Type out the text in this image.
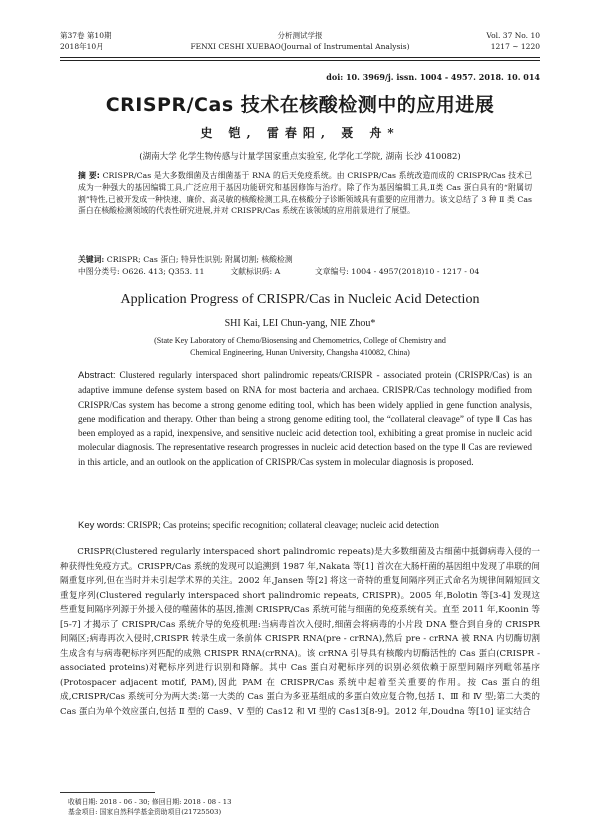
第37卷 第10期
2018年10月
分析测试学报
FENXI CESHI XUEBAO(Journal of Instrumental Analysis)
Vol. 37 No. 10
1217 ~ 1220
doi: 10. 3969/j. issn. 1004 - 4957. 2018. 10. 014
CRISPR/Cas 技术在核酸检测中的应用进展
史 铠, 雷春阳, 聂 舟*
(湖南大学 化学生物传感与计量学国家重点实验室, 化学化工学院, 湖南 长沙 410082)
摘 要: CRISPR/Cas 是大多数细菌及古细菌基于 RNA 的后天免疫系统。由 CRISPR/Cas 系统改造而成的 CRISPR/Cas 技术已成为一种强大的基因编辑工具,广泛应用于基因功能研究和基因修饰与治疗。除了作为基因编辑工具,Ⅱ类 Cas 蛋白具有的“附属切割”特性,已被开发成一种快速、廉价、高灵敏的核酸检测工具,在核酸分子诊断领域具有重要的应用潜力。该文总结了 3 种 Ⅱ 类 Cas 蛋白在核酸检测领域的代表性研究进展,并对 CRISPR/Cas 系统在该领域的应用前景进行了展望。
关键词: CRISPR; Cas 蛋白; 特异性识别; 附属切割; 核酸检测
中图分类号: O626. 413; Q353. 11	文献标识码: A	文章编号: 1004 - 4957(2018)10 - 1217 - 04
Application Progress of CRISPR/Cas in Nucleic Acid Detection
SHI Kai, LEI Chun-yang, NIE Zhou*
(State Key Laboratory of Chemo/Biosensing and Chemometrics, College of Chemistry and
Chemical Engineering, Hunan University, Changsha 410082, China)
Abstract: Clustered regularly interspaced short palindromic repeats/CRISPR - associated protein (CRISPR/Cas) is an adaptive immune defense system based on RNA for most bacteria and archaea. CRISPR/Cas technology modified from CRISPR/Cas system has become a strong genome editing tool, which has been widely applied in gene function analysis, gene modification and therapy. Other than being a strong genome editing tool, the “collateral cleavage” of type Ⅱ Cas has been employed as a rapid, inexpensive, and sensitive nucleic acid detection tool, exhibiting a great promise in nucleic acid molecular diagnosis. The representative research progresses in nucleic acid detection based on the type Ⅱ Cas are reviewed in this article, and an outlook on the application of CRISPR/Cas system in molecular diagnosis is proposed.
Key words: CRISPR; Cas proteins; specific recognition; collateral cleavage; nucleic acid detection
CRISPR(Clustered regularly interspaced short palindromic repeats)是大多数细菌及古细菌中抵御病毒入侵的一种获得性免疫方式。CRISPR/Cas 系统的发现可以追溯到 1987 年,Nakata 等[1] 首次在大肠杆菌的基因组中发现了串联的间隔重复序列,但在当时并未引起学术界的关注。2002 年,Jansen 等[2] 将这一奇特的重复间隔序列正式命名为规律间隔短回文重复序列(Clustered regularly interspaced short palindromic repeats, CRISPR)。2005 年,Bolotin 等[3-4] 发现这些重复间隔序列源于外援入侵的噬菌体的基因,推测 CRISPR/Cas 系统可能与细菌的免疫系统有关。直至 2011 年,Koonin 等[5-7] 才揭示了 CRISPR/Cas 系统介导的免疫机理:当病毒首次入侵时,细菌会将病毒的小片段 DNA 整合到自身的 CRISPR 间隔区;病毒再次入侵时,CRISPR 转录生成一条前体 CRISPR RNA(pre - crRNA),然后 pre - crRNA 被 RNA 内切酶切割生成含有与病毒靶标序列匹配的成熟 CRISPR RNA(crRNA)。该 crRNA 引导具有核酸内切酶活性的 Cas 蛋白(CRISPR - associated proteins)对靶标序列进行识别和降解。其中 Cas 蛋白对靶标序列的识别必须依赖于原型间隔序列毗邻基序(Protospacer adjacent motif, PAM),因此 PAM 在 CRISPR/Cas 系统中起着至关重要的作用。按 Cas 蛋白的组成,CRISPR/Cas 系统可分为两大类:第一大类的 Cas 蛋白为多亚基组成的多蛋白效应复合物,包括 Ⅰ、Ⅲ 和 Ⅳ 型;第二大类的 Cas 蛋白为单个效应蛋白,包括 Ⅱ 型的 Cas9、Ⅴ 型的 Cas12 和 Ⅵ 型的 Cas13[8-9]。2012 年,Doudna 等[10] 证实结合
收稿日期: 2018 - 06 - 30; 修回日期: 2018 - 08 - 13
基金项目: 国家自然科学基金资助项目(21725503)
